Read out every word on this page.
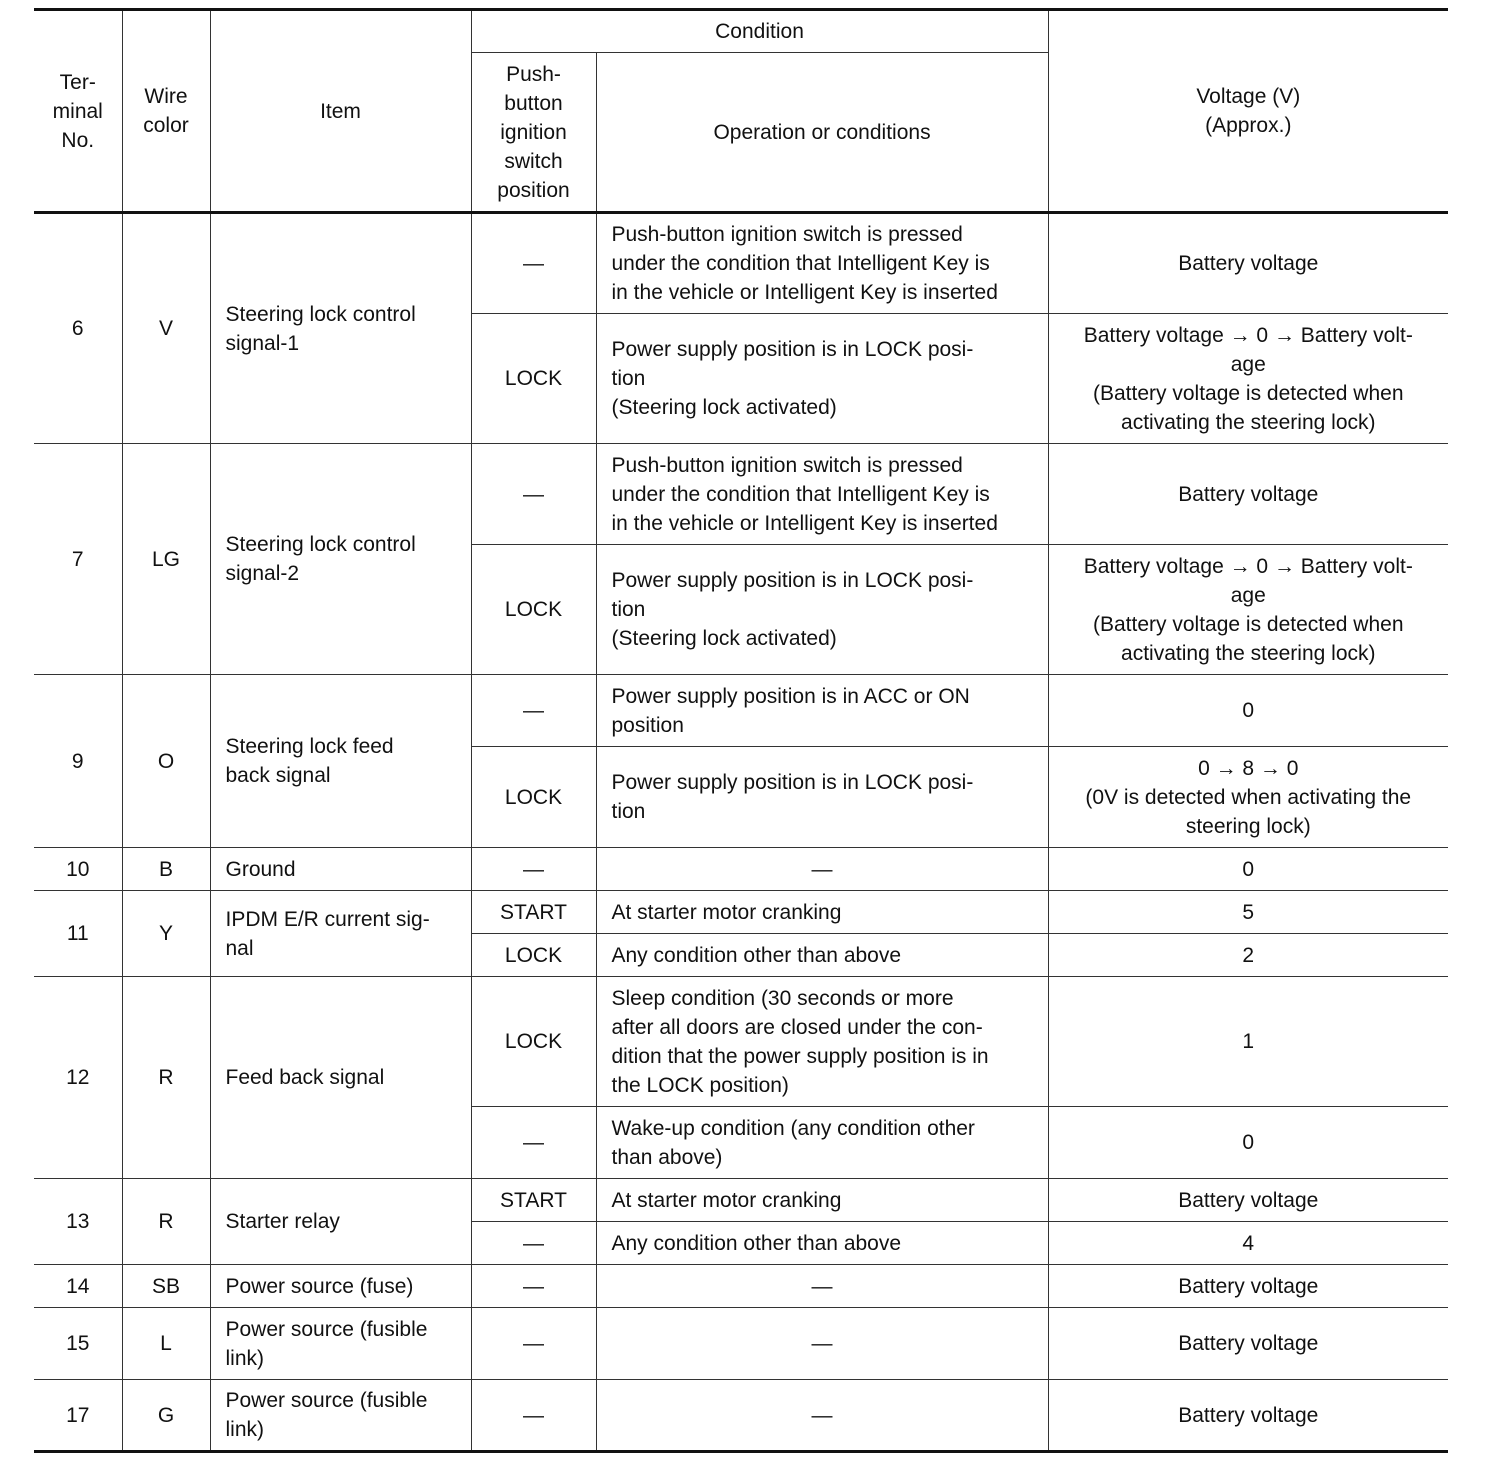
Ter-
minal
No.	Wire
color	Item	Condition		Voltage (V)
(Approx.)
			Push-
button
ignition
switch
position	Operation or conditions	
6	V	Steering lock control
signal-1	—	Push-button ignition switch is pressed
under the condition that Intelligent Key is
in the vehicle or Intelligent Key is inserted	Battery voltage
			LOCK	Power supply position is in LOCK posi-
tion
(Steering lock activated)	Battery voltage → 0 → Battery volt-
age
(Battery voltage is detected when
activating the steering lock)
7	LG	Steering lock control
signal-2	—	Push-button ignition switch is pressed
under the condition that Intelligent Key is
in the vehicle or Intelligent Key is inserted	Battery voltage
			LOCK	Power supply position is in LOCK posi-
tion
(Steering lock activated)	Battery voltage → 0 → Battery volt-
age
(Battery voltage is detected when
activating the steering lock)
9	O	Steering lock feed
back signal	—	Power supply position is in ACC or ON
position	0
			LOCK	Power supply position is in LOCK posi-
tion	0 → 8 → 0
(0V is detected when activating the
steering lock)
10	B	Ground	—	—	0
11	Y	IPDM E/R current sig-
nal	START	At starter motor cranking	5
			LOCK	Any condition other than above	2
12	R	Feed back signal	LOCK	Sleep condition (30 seconds or more
after all doors are closed under the con-
dition that the power supply position is in
the LOCK position)	1
			—	Wake-up condition (any condition other
than above)	0
13	R	Starter relay	START	At starter motor cranking	Battery voltage
			—	Any condition other than above	4
14	SB	Power source (fuse)	—	—	Battery voltage
15	L	Power source (fusible
link)	—	—	Battery voltage
17	G	Power source (fusible
link)	—	—	Battery voltage
